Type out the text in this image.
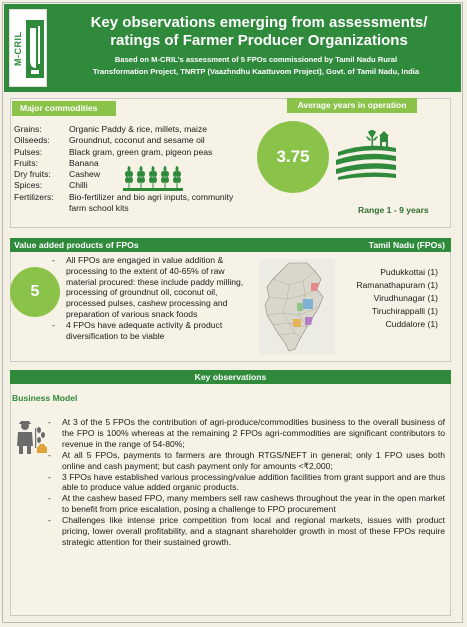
M-CRIL
Key observations emerging from assessments/
ratings of Farmer Producer Organizations
Based on M-CRIL's assessment of 5 FPOs commissioned by Tamil Nadu Rural
Transformation Project, TNRTP (Vaazhndhu Kaattuvom Project), Govt. of Tamil Nadu, India
Major commodities	Average years in operation
Grains:	Organic Paddy & rice, millets, maize
Oilseeds:	Groundnut, coconut and sesame oil
Pulses:	Black gram, green gram, pigeon peas
Fruits:	Banana
Dry fruits:	Cashew
Spices:	Chilli
Fertilizers:	Bio-fertilizer and bio agri inputs, community farm school kits
3.75
Range 1 - 9 years
Value added products of FPOs	Tamil Nadu (FPOs)
5
- All FPOs are engaged in value addition & processing to the extent of 40-65% of raw material procured: these include paddy milling, processing of groundnut oil, coconut oil, processed pulses, cashew processing and preparation of various snack foods
- 4 FPOs have adequate activity & product diversification to be viable
Pudukkottai (1)
Ramanathapuram (1)
Virudhunagar (1)
Tiruchirappalli (1)
Cuddalore (1)
Key observations
Business Model
- At 3 of the 5 FPOs the contribution of agri-produce/commodities business to the overall business of the FPO is 100% whereas at the remaining 2 FPOs agri-commodities are significant contributors to revenue in the range of 54-80%;
- At all 5 FPOs, payments to farmers are through RTGS/NEFT in general; only 1 FPO uses both online and cash payment; but cash payment only for amounts <₹2,000;
- 3 FPOs have established various processing/value addition facilities from grant support and are thus able to produce value added organic products.
- At the cashew based FPO, many members sell raw cashews throughout the year in the open market to benefit from price escalation, posing a challenge to FPO procurement
- Challenges like intense price competition from local and regional markets, issues with product pricing, lower overall profitability, and a stagnant shareholder growth in most of these FPOs require strategic attention for their sustained growth.
